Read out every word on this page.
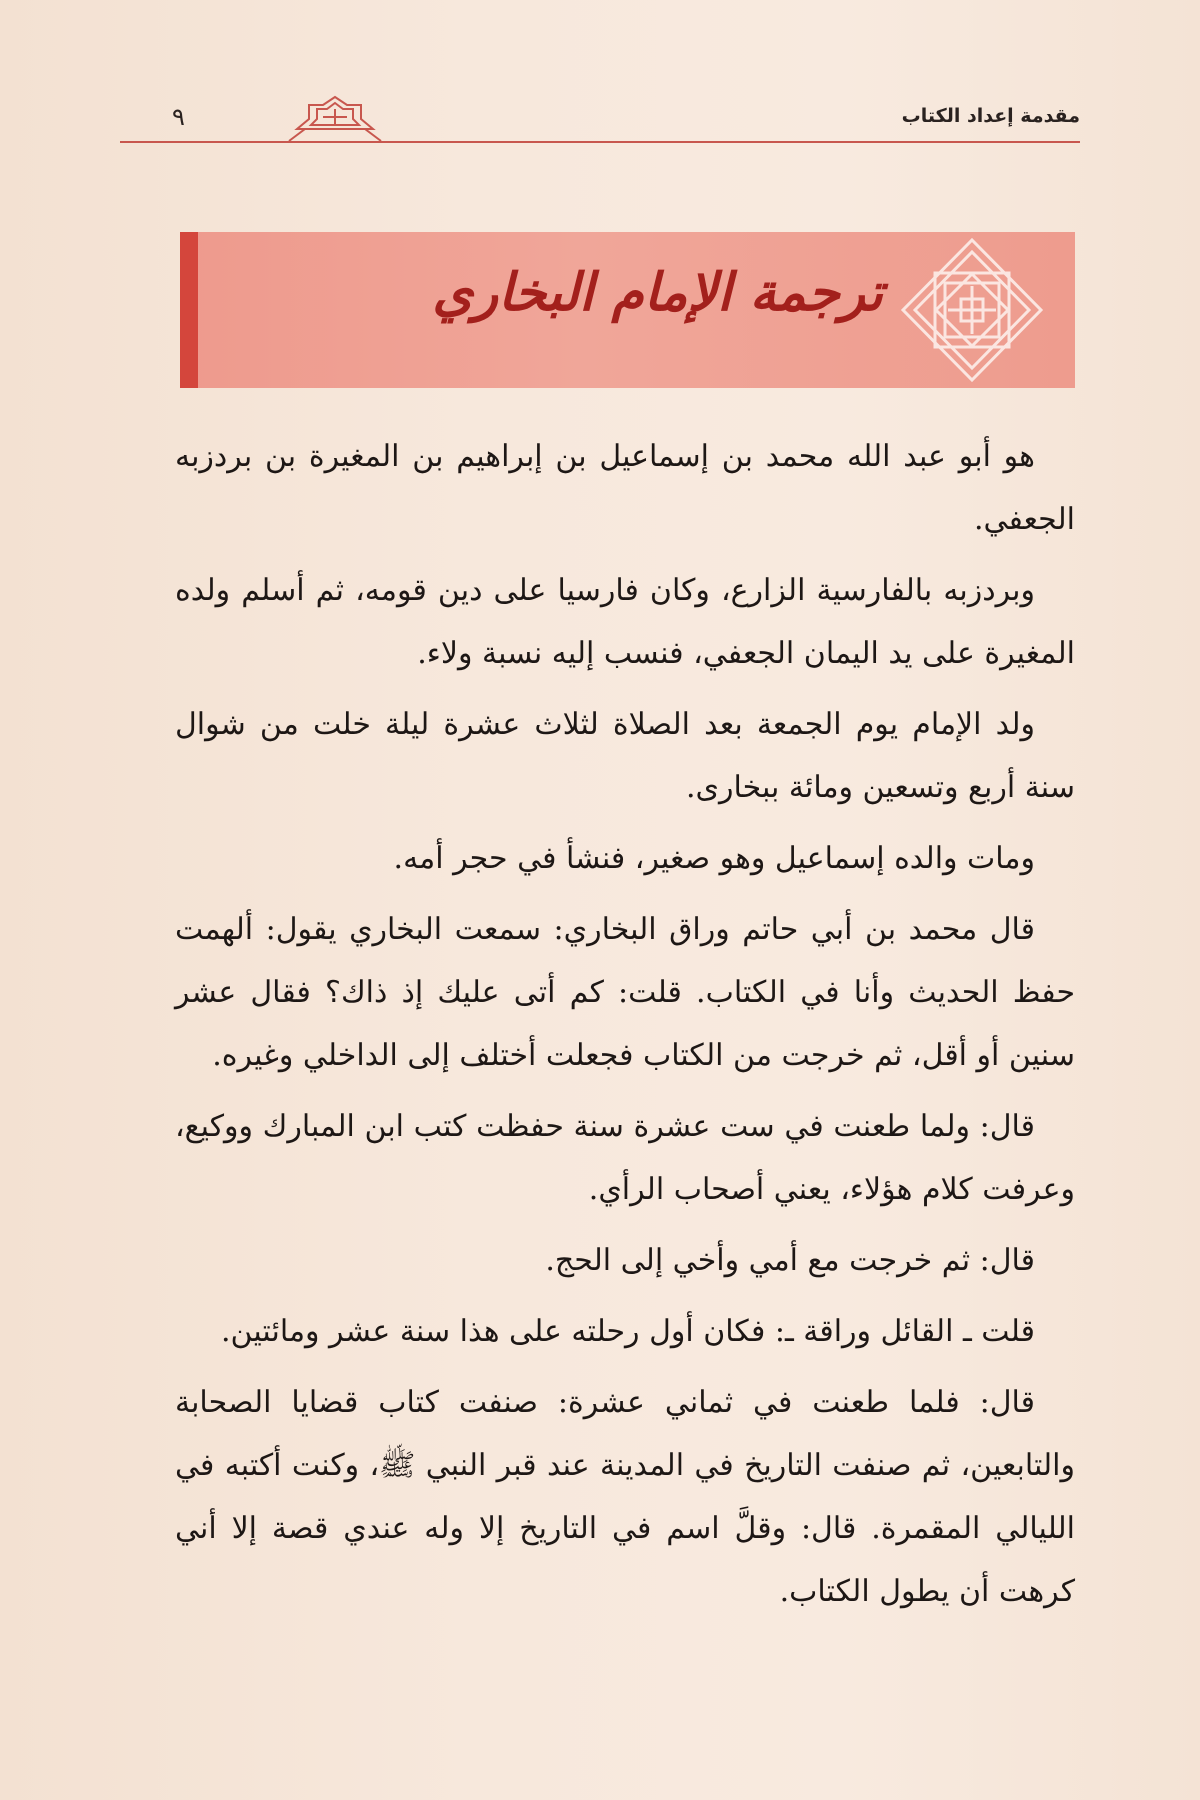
٩	مقدمة إعداد الكتاب
ترجمة الإمام البخاري

هو أبو عبد الله محمد بن إسماعيل بن إبراهيم بن المغيرة بن بردزبه الجعفي.

وبردزبه بالفارسية الزارع، وكان فارسيا على دين قومه، ثم أسلم ولده المغيرة على يد اليمان الجعفي، فنسب إليه نسبة ولاء.

ولد الإمام يوم الجمعة بعد الصلاة لثلاث عشرة ليلة خلت من شوال سنة أربع وتسعين ومائة ببخارى.

ومات والده إسماعيل وهو صغير، فنشأ في حجر أمه.

قال محمد بن أبي حاتم وراق البخاري: سمعت البخاري يقول: ألهمت حفظ الحديث وأنا في الكتاب. قلت: كم أتى عليك إذ ذاك؟ فقال عشر سنين أو أقل، ثم خرجت من الكتاب فجعلت أختلف إلى الداخلي وغيره.

قال: ولما طعنت في ست عشرة سنة حفظت كتب ابن المبارك ووكيع، وعرفت كلام هؤلاء، يعني أصحاب الرأي.

قال: ثم خرجت مع أمي وأخي إلى الحج.

قلت ـ القائل وراقة ـ: فكان أول رحلته على هذا سنة عشر ومائتين.

قال: فلما طعنت في ثماني عشرة: صنفت كتاب قضايا الصحابة والتابعين، ثم صنفت التاريخ في المدينة عند قبر النبي ﷺ، وكنت أكتبه في الليالي المقمرة. قال: وقلَّ اسم في التاريخ إلا وله عندي قصة إلا أني كرهت أن يطول الكتاب.
